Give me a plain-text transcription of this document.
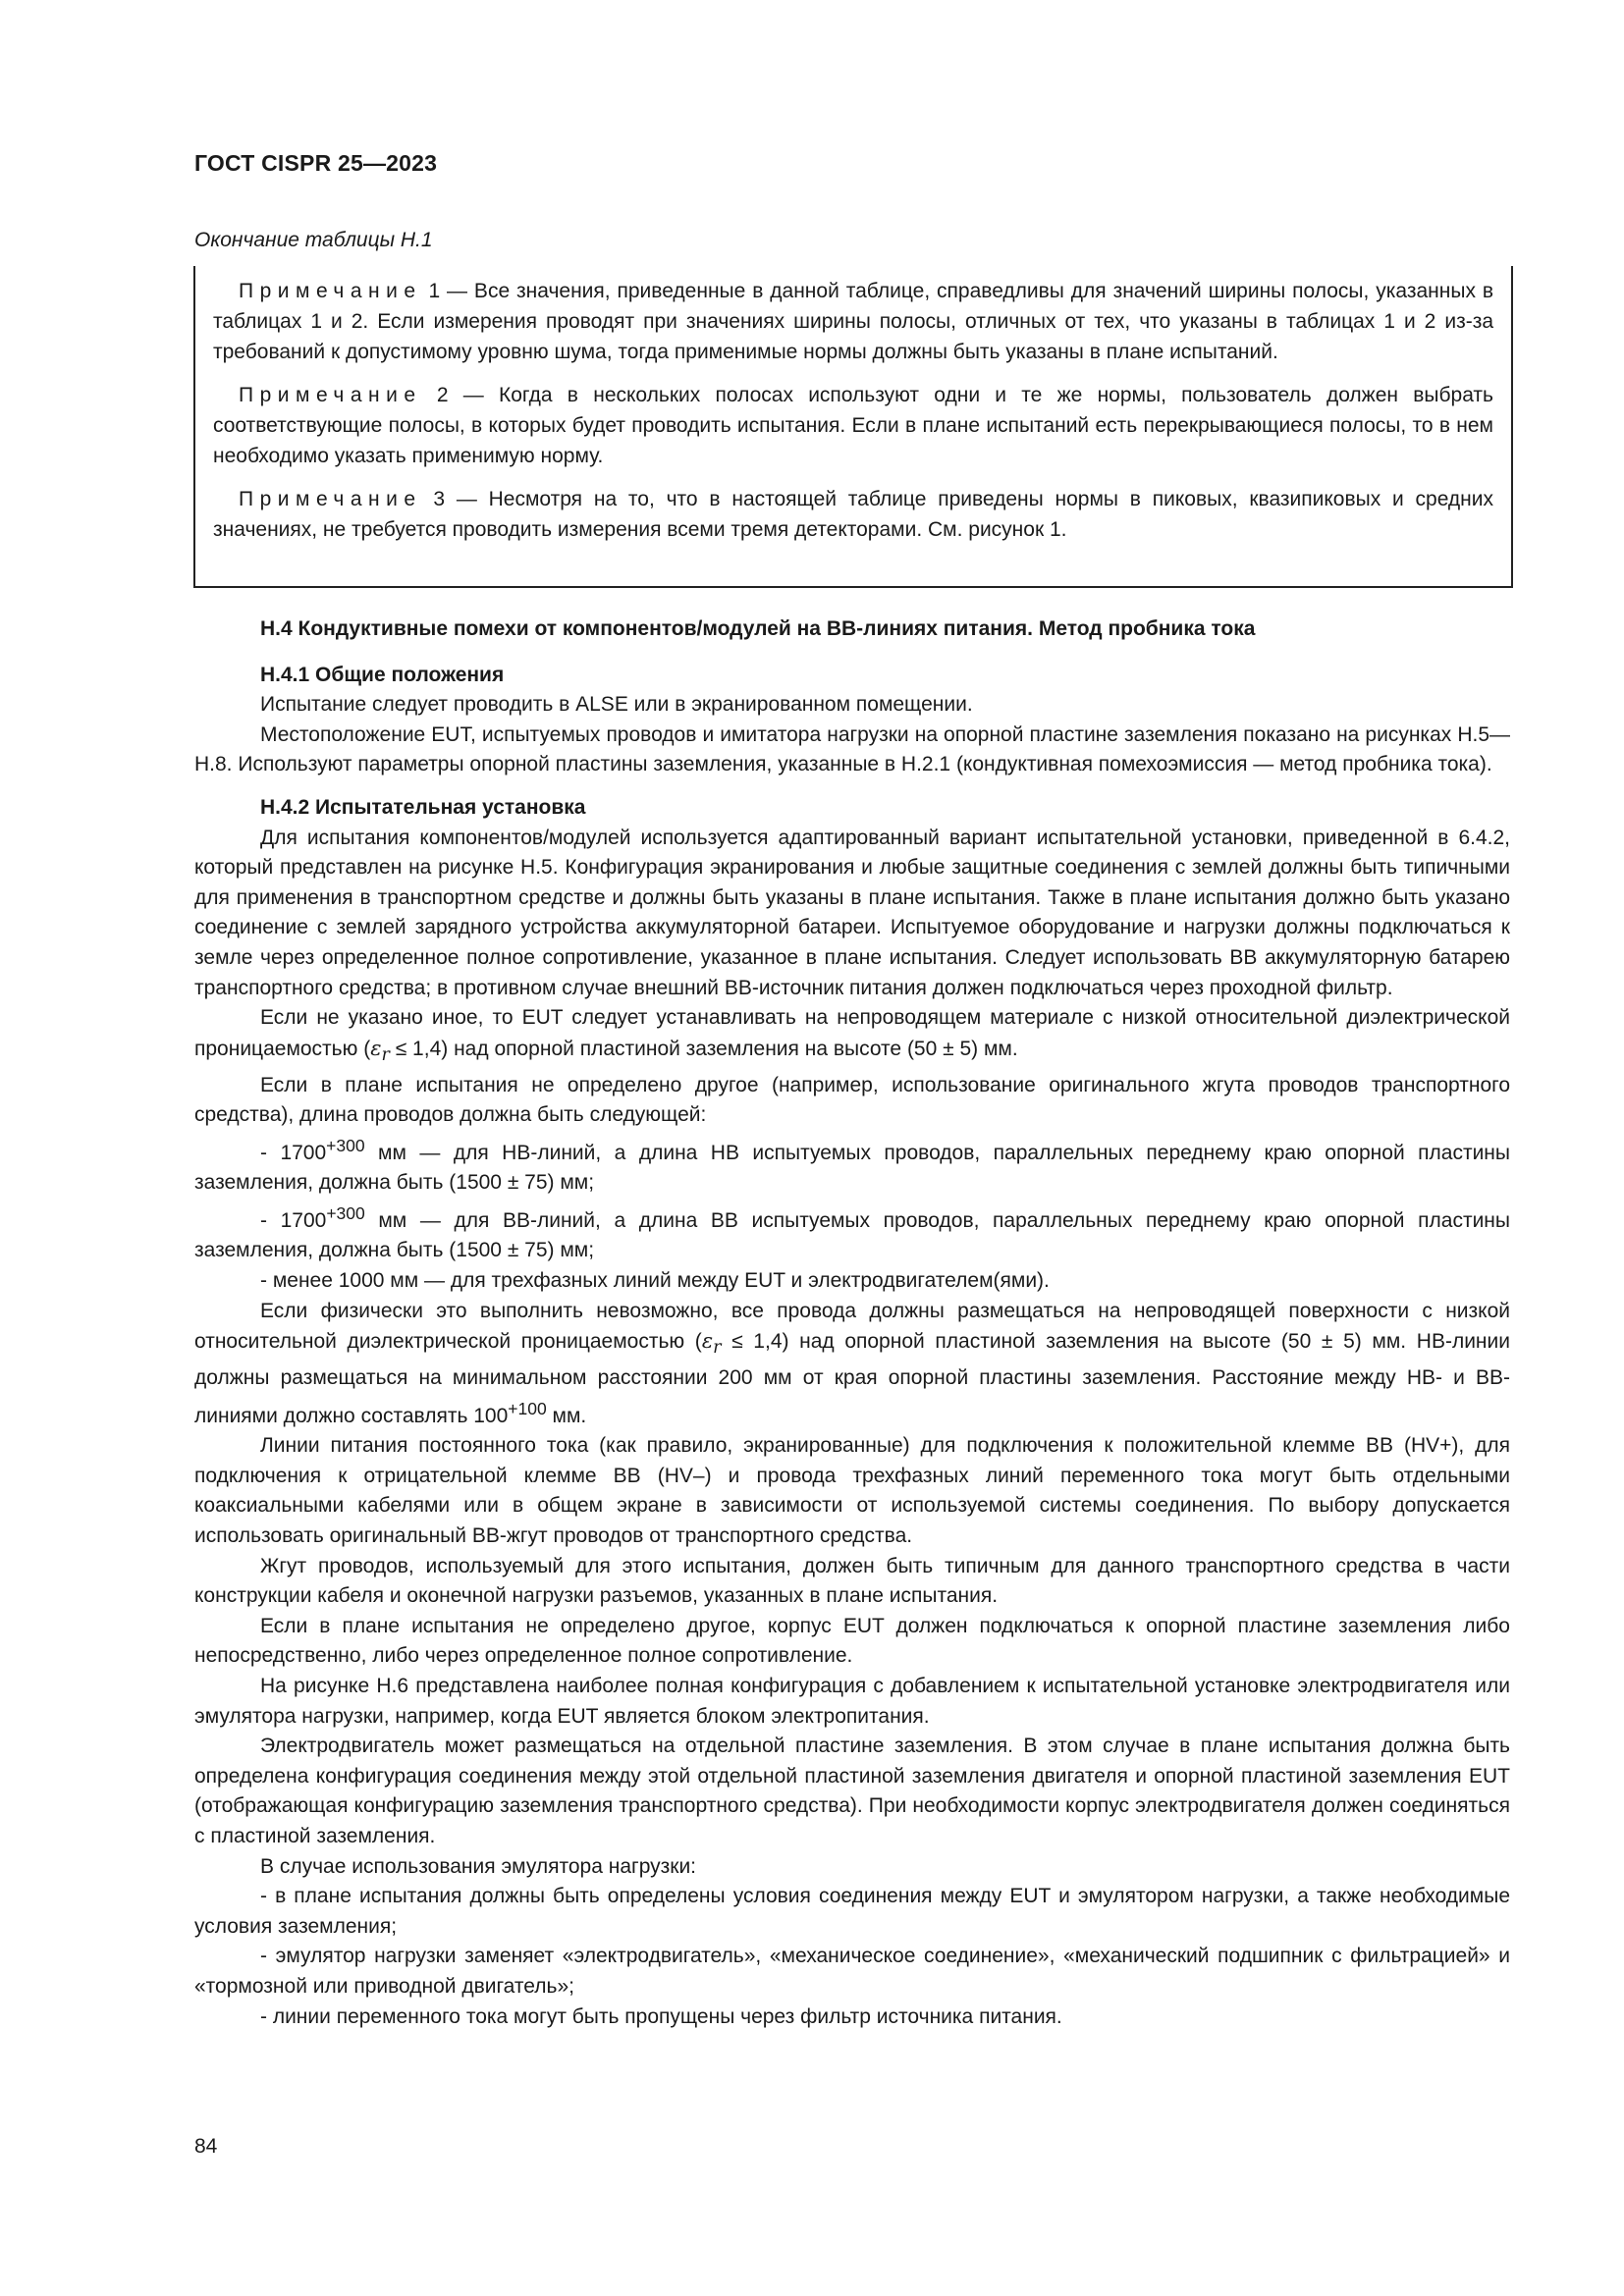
ГОСТ CISPR 25—2023
Окончание таблицы H.1

Примечание 1 — Все значения, приведенные в данной таблице, справедливы для значений ширины полосы, указанных в таблицах 1 и 2. Если измерения проводят при значениях ширины полосы, отличных от тех, что указаны в таблицах 1 и 2 из-за требований к допустимому уровню шума, тогда применимые нормы должны быть указаны в плане испытаний.

Примечание 2 — Когда в нескольких полосах используют одни и те же нормы, пользователь должен выбрать соответствующие полосы, в которых будет проводить испытания. Если в плане испытаний есть перекрывающиеся полосы, то в нем необходимо указать применимую норму.

Примечание 3 — Несмотря на то, что в настоящей таблице приведены нормы в пиковых, квазипиковых и средних значениях, не требуется проводить измерения всеми тремя детекторами. См. рисунок 1.

H.4 Кондуктивные помехи от компонентов/модулей на ВВ-линиях питания. Метод пробника тока
H.4.1 Общие положения

Испытание следует проводить в ALSE или в экранированном помещении.

Местоположение EUT, испытуемых проводов и имитатора нагрузки на опорной пластине заземления показано на рисунках H.5—H.8. Используют параметры опорной пластины заземления, указанные в H.2.1 (кондуктивная помехоэмиссия — метод пробника тока).

H.4.2 Испытательная установка

Для испытания компонентов/модулей используется адаптированный вариант испытательной установки, приведенной в 6.4.2, который представлен на рисунке H.5. Конфигурация экранирования и любые защитные соединения с землей должны быть типичными для применения в транспортном средстве и должны быть указаны в плане испытания. Также в плане испытания должно быть указано соединение с землей зарядного устройства аккумуляторной батареи. Испытуемое оборудование и нагрузки должны подключаться к земле через определенное полное сопротивление, указанное в плане испытания. Следует использовать ВВ аккумуляторную батарею транспортного средства; в противном случае внешний ВВ-источник питания должен подключаться через проходной фильтр.

Если не указано иное, то EUT следует устанавливать на непроводящем материале с низкой относительной диэлектрической проницаемостью $(\varepsilon_r \le 1,4)$ над опорной пластиной заземления на высоте (50 ± 5) мм.

Если в плане испытания не определено другое (например, использование оригинального жгута проводов транспортного средства), длина проводов должна быть следующей:

- $1700^{+300}$ мм — для НВ-линий, а длина НВ испытуемых проводов, параллельных переднему краю опорной пластины заземления, должна быть (1500 ± 75) мм;

- $1700^{+300}$ мм — для ВВ-линий, а длина ВВ испытуемых проводов, параллельных переднему краю опорной пластины заземления, должна быть (1500 ± 75) мм;

- менее 1000 мм — для трехфазных линий между EUT и электродвигателем(ями).

Если физически это выполнить невозможно, все провода должны размещаться на непроводящей поверхности с низкой относительной диэлектрической проницаемостью $(\varepsilon_r \le 1,4)$ над опорной пластиной заземления на высоте (50 ± 5) мм. НВ-линии должны размещаться на минимальном расстоянии 200 мм от края опорной пластины заземления. Расстояние между НВ- и ВВ-линиями должно составлять $100^{+100}$ мм.

Линии питания постоянного тока (как правило, экранированные) для подключения к положительной клемме ВВ (HV+), для подключения к отрицательной клемме ВВ (HV–) и провода трехфазных линий переменного тока могут быть отдельными коаксиальными кабелями или в общем экране в зависимости от используемой системы соединения. По выбору допускается использовать оригинальный ВВ-жгут проводов от транспортного средства.

Жгут проводов, используемый для этого испытания, должен быть типичным для данного транспортного средства в части конструкции кабеля и оконечной нагрузки разъемов, указанных в плане испытания.

Если в плане испытания не определено другое, корпус EUT должен подключаться к опорной пластине заземления либо непосредственно, либо через определенное полное сопротивление.

На рисунке H.6 представлена наиболее полная конфигурация с добавлением к испытательной установке электродвигателя или эмулятора нагрузки, например, когда EUT является блоком электропитания.

Электродвигатель может размещаться на отдельной пластине заземления. В этом случае в плане испытания должна быть определена конфигурация соединения между этой отдельной пластиной заземления двигателя и опорной пластиной заземления EUT (отображающая конфигурацию заземления транспортного средства). При необходимости корпус электродвигателя должен соединяться с пластиной заземления.

В случае использования эмулятора нагрузки:

- в плане испытания должны быть определены условия соединения между EUT и эмулятором нагрузки, а также необходимые условия заземления;

- эмулятор нагрузки заменяет «электродвигатель», «механическое соединение», «механический подшипник с фильтрацией» и «тормозной или приводной двигатель»;

- линии переменного тока могут быть пропущены через фильтр источника питания.

84
